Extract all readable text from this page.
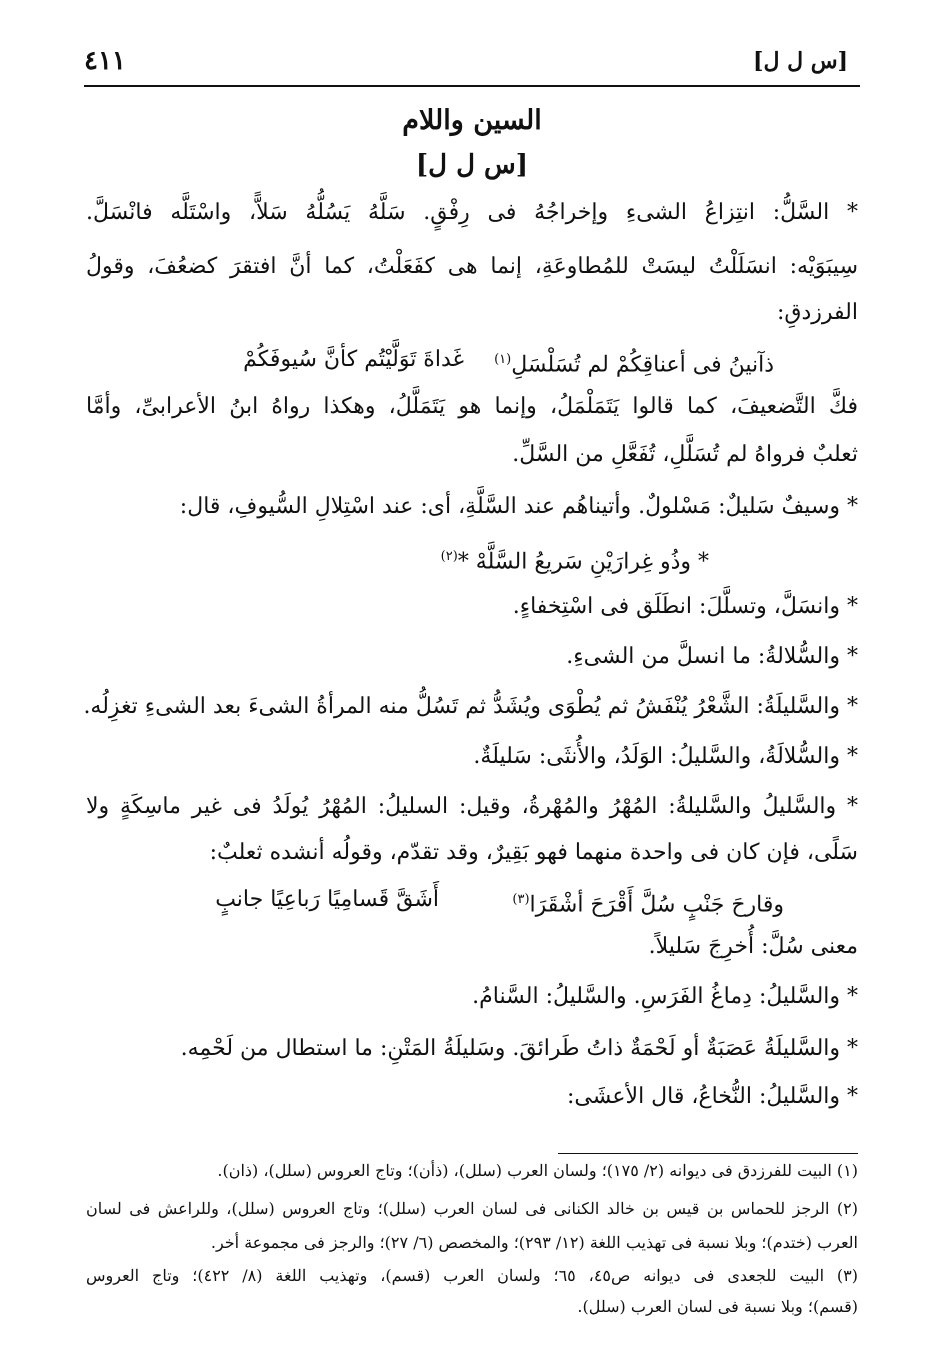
٤١١	[س ل ل]
السين واللام
[س ل ل]
* السَّلُّ: انتِزاعُ الشىءِ وإخراجُهُ فى رِفْقٍ. سَلَّهُ يَسُلُّهُ سَلاًّ، واسْتَلَّه فانْسَلَّ.
سِيبَوَيْه: انسَلَلْتُ ليسَتْ للمُطاوعَةِ، إنما هى كفَعَلْتُ، كما أنَّ افتقرَ كضعُفَ، وقولُ
الفرزدقِ:
ذآنينُ فى أعناقِكُمْ لم تُسَلْسَلِ$^{(١)}$
غَداةَ تَوَلَّيْتُم كأنَّ سُيوفَكُمْ
فكَّ التَّضعيفَ، كما قالوا يَتَمَلْمَلُ، وإنما هو يَتَمَلَّلُ، وهكذا رواهُ ابنُ الأعرابىِّ، وأمَّا
ثعلبٌ فرواهُ لم تُسَلَّلِ، تُفَعَّلِ من السَّلِّ.
* وسيفٌ سَليلٌ: مَسْلولٌ. وأتيناهُم عند السَّلَّةِ، أى: عند اسْتِلالِ السُّيوفِ، قال:
* وذُو غِرارَيْنِ سَريعُ السَّلَّهْ *$^{(٢)}$
* وانسَلَّ، وتسلَّلَ: انطَلَق فى اسْتِخفاءٍ.
* والسُّلالةُ: ما انسلَّ من الشىءِ.
* والسَّليلَةُ: الشَّعْرُ يُنْفَشُ ثم يُطْوَى ويُشَدُّ ثم تَسُلُّ منه المرأةُ الشىءَ بعد الشىءِ تغزِلُه.
* والسُّلالَةُ، والسَّليلُ: الوَلَدُ، والأُنثَى: سَليلَةٌ.
* والسَّليلُ والسَّليلةُ: المُهْرُ والمُهْرةُ، وقيل: السليلُ: المُهْرُ يُولَدُ فى غير ماسِكَةٍ ولا
سَلًى، فإن كان فى واحدة منهما فهو بَقِيرٌ، وقد تقدّم، وقولُه أنشده ثعلبٌ:
وقارحَ جَنْبٍ سُلَّ أَقْرَحَ أشْقَرَا$^{(٣)}$
أَشَقَّ قَسامِيًا رَباعِيًا جانبٍ
معنى سُلَّ: أُخرِجَ سَليلاً.
* والسَّليلُ: دِماغُ الفَرَسِ. والسَّليلُ: السَّنامُ.
* والسَّليلَةُ عَصَبَةٌ أو لَحْمَةٌ ذاتُ طَرائقَ. وسَليلَةُ المَتْنِ: ما استطال من لَحْمِه.
* والسَّليلُ: النُّخاعُ، قال الأعشَى:
(١) البيت للفرزدق فى ديوانه (٢/ ١٧٥)؛ ولسان العرب (سلل)، (ذأن)؛ وتاج العروس (سلل)، (ذان).
(٢) الرجز للحماس بن قيس بن خالد الكنانى فى لسان العرب (سلل)؛ وتاج العروس (سلل)، وللراعش فى لسان
العرب (ختدم)؛ وبلا نسبة فى تهذيب اللغة (١٢/ ٢٩٣)؛ والمخصص (٦/ ٢٧)؛ والرجز فى مجموعة أخر.
(٣) البيت للجعدى فى ديوانه ص٤٥، ٦٥؛ ولسان العرب (قسم)، وتهذيب اللغة (٨/ ٤٢٢)؛ وتاج العروس
(قسم)؛ وبلا نسبة فى لسان العرب (سلل).
